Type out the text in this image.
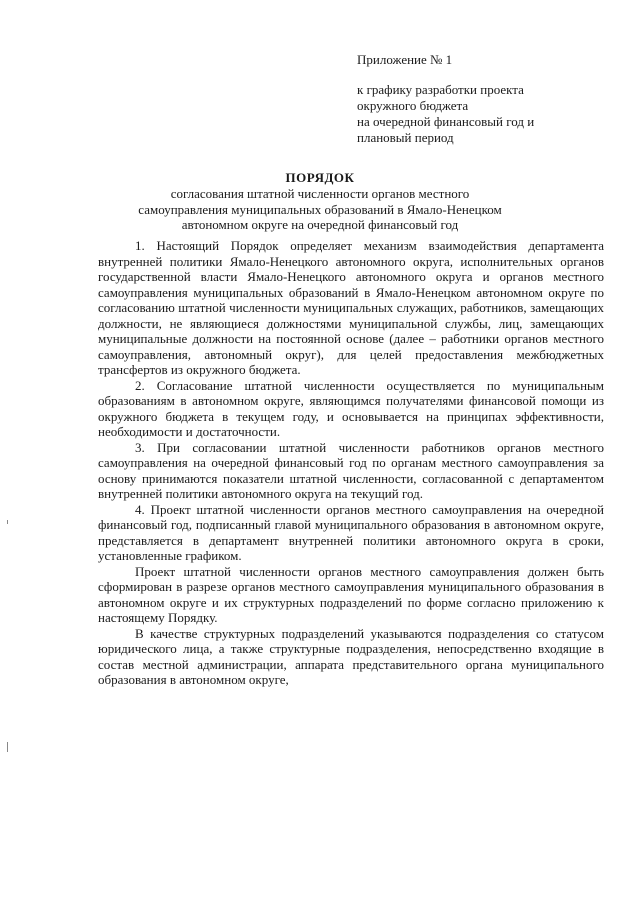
Приложение № 1

к графику разработки проекта
окружного бюджета
на очередной финансовый год и
плановый период

ПОРЯДОК
согласования штатной численности органов местного
самоуправления муниципальных образований в Ямало-Ненецком
автономном округе на очередной финансовый год

1. Настоящий Порядок определяет механизм взаимодействия департамента внутренней политики Ямало-Ненецкого автономного округа, исполнительных органов государственной власти Ямало-Ненецкого автономного округа и органов местного самоуправления муниципальных образований в Ямало-Ненецком автономном округе по согласованию штатной численности муниципальных служащих, работников, замещающих должности, не являющиеся должностями муниципальной службы, лиц, замещающих муниципальные должности на постоянной основе (далее – работники органов местного самоуправления, автономный округ), для целей предоставления межбюджетных трансфертов из окружного бюджета.

2. Согласование штатной численности осуществляется по муниципальным образованиям в автономном округе, являющимся получателями финансовой помощи из окружного бюджета в текущем году, и основывается на принципах эффективности, необходимости и достаточности.

3. При согласовании штатной численности работников органов местного самоуправления на очередной финансовый год по органам местного самоуправления за основу принимаются показатели штатной численности, согласованной с департаментом внутренней политики автономного округа на текущий год.

4. Проект штатной численности органов местного самоуправления на очередной финансовый год, подписанный главой муниципального образования в автономном округе, представляется в департамент внутренней политики автономного округа в сроки, установленные графиком.

Проект штатной численности органов местного самоуправления должен быть сформирован в разрезе органов местного самоуправления муниципального образования в автономном округе и их структурных подразделений по форме согласно приложению к настоящему Порядку.

В качестве структурных подразделений указываются подразделения со статусом юридического лица, а также структурные подразделения, непосредственно входящие в состав местной администрации, аппарата представительного органа муниципального образования в автономном округе,
